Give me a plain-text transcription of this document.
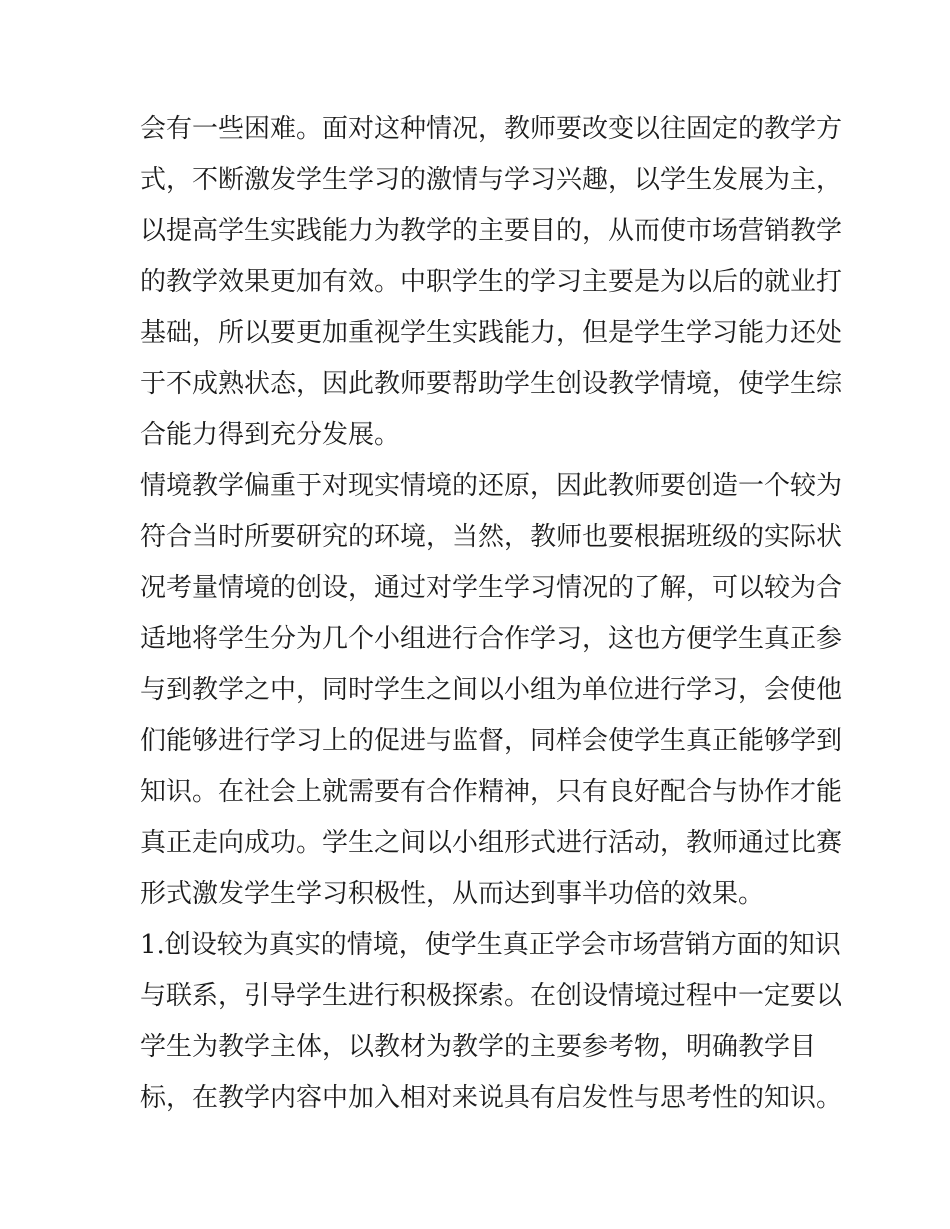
会有一些困难。面对这种情况，教师要改变以往固定的教学方
式，不断激发学生学习的激情与学习兴趣，以学生发展为主，
以提高学生实践能力为教学的主要目的，从而使市场营销教学
的教学效果更加有效。中职学生的学习主要是为以后的就业打
基础，所以要更加重视学生实践能力，但是学生学习能力还处
于不成熟状态，因此教师要帮助学生创设教学情境，使学生综
合能力得到充分发展。
情境教学偏重于对现实情境的还原，因此教师要创造一个较为
符合当时所要研究的环境，当然，教师也要根据班级的实际状
况考量情境的创设，通过对学生学习情况的了解，可以较为合
适地将学生分为几个小组进行合作学习，这也方便学生真正参
与到教学之中，同时学生之间以小组为单位进行学习，会使他
们能够进行学习上的促进与监督，同样会使学生真正能够学到
知识。在社会上就需要有合作精神，只有良好配合与协作才能
真正走向成功。学生之间以小组形式进行活动，教师通过比赛
形式激发学生学习积极性，从而达到事半功倍的效果。
1.创设较为真实的情境，使学生真正学会市场营销方面的知识
与联系，引导学生进行积极探索。在创设情境过程中一定要以
学生为教学主体，以教材为教学的主要参考物，明确教学目
标，在教学内容中加入相对来说具有启发性与思考性的知识。
